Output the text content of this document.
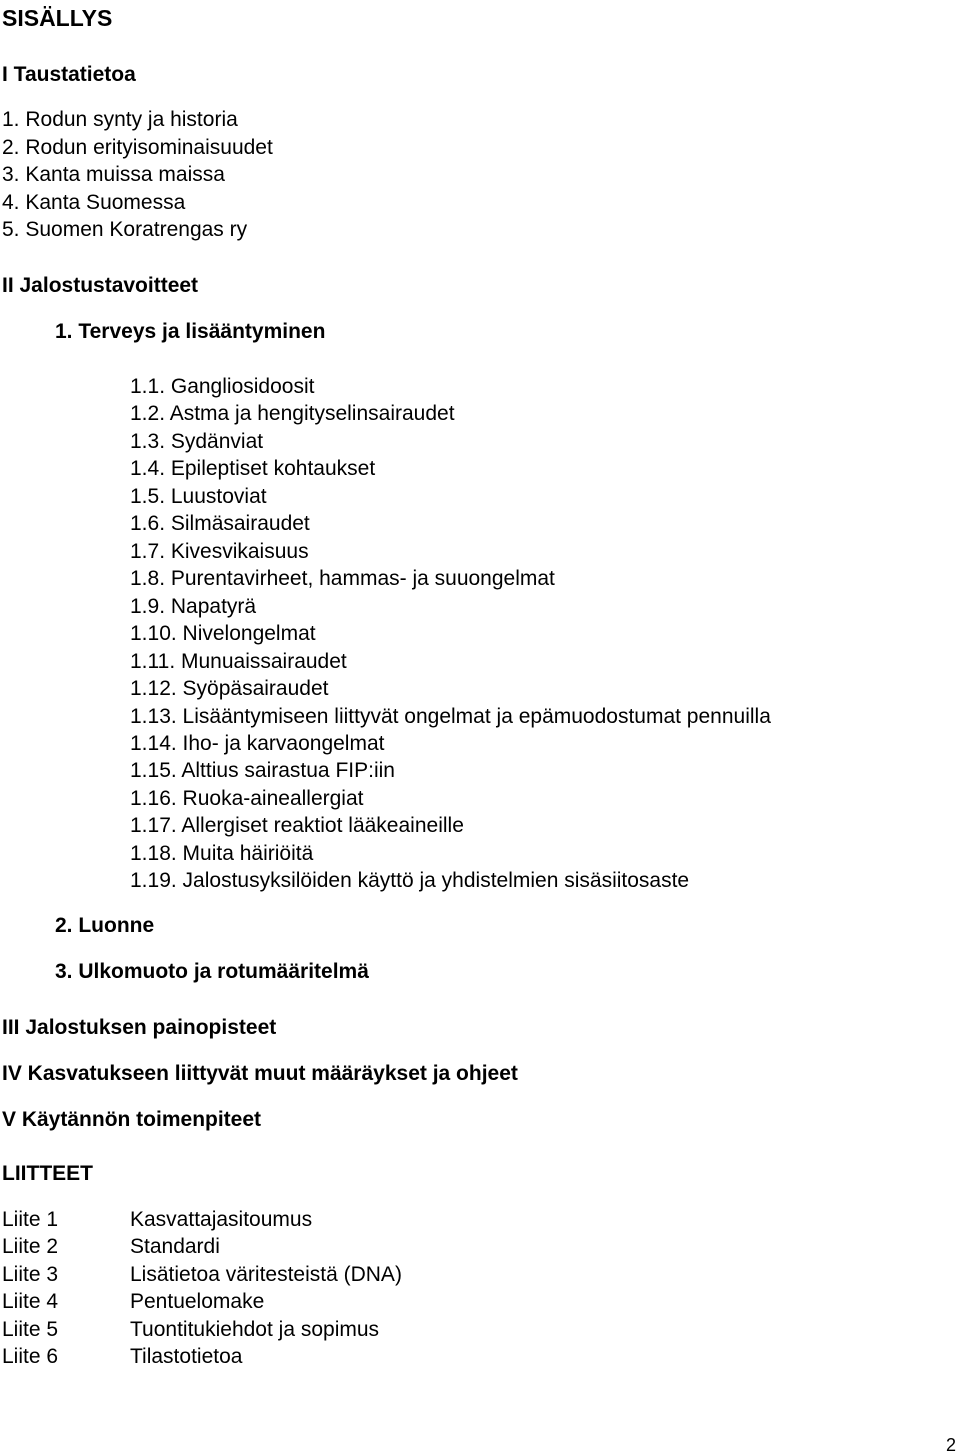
SISÄLLYS
I Taustatietoa
1. Rodun synty ja historia
2. Rodun erityisominaisuudet
3. Kanta muissa maissa
4. Kanta Suomessa
5. Suomen Koratrengas ry
II Jalostustavoitteet
1. Terveys ja lisääntyminen
1.1. Gangliosidoosit
1.2. Astma ja hengityselinsairaudet
1.3. Sydänviat
1.4. Epileptiset kohtaukset
1.5. Luustoviat
1.6. Silmäsairaudet
1.7. Kivesvikaisuus
1.8. Purentavirheet, hammas- ja suuongelmat
1.9. Napatyrä
1.10. Nivelongelmat
1.11. Munuaissairaudet
1.12. Syöpäsairaudet
1.13. Lisääntymiseen liittyvät ongelmat ja epämuodostumat pennuilla
1.14. Iho- ja karvaongelmat
1.15. Alttius sairastua FIP:iin
1.16. Ruoka-aineallergiat
1.17. Allergiset reaktiot lääkeaineille
1.18. Muita häiriöitä
1.19. Jalostusyksilöiden käyttö ja yhdistelmien sisäsiitosaste
2. Luonne
3. Ulkomuoto ja rotumääritelmä
III Jalostuksen painopisteet
IV Kasvatukseen liittyvät muut määräykset ja ohjeet
V Käytännön toimenpiteet
LIITTEET
Liite 1	Kasvattajasitoumus
Liite 2	Standardi
Liite 3	Lisätietoa väritesteistä (DNA)
Liite 4	Pentuelomake
Liite 5	Tuontitukiehdot ja sopimus
Liite 6	Tilastotietoa
2
